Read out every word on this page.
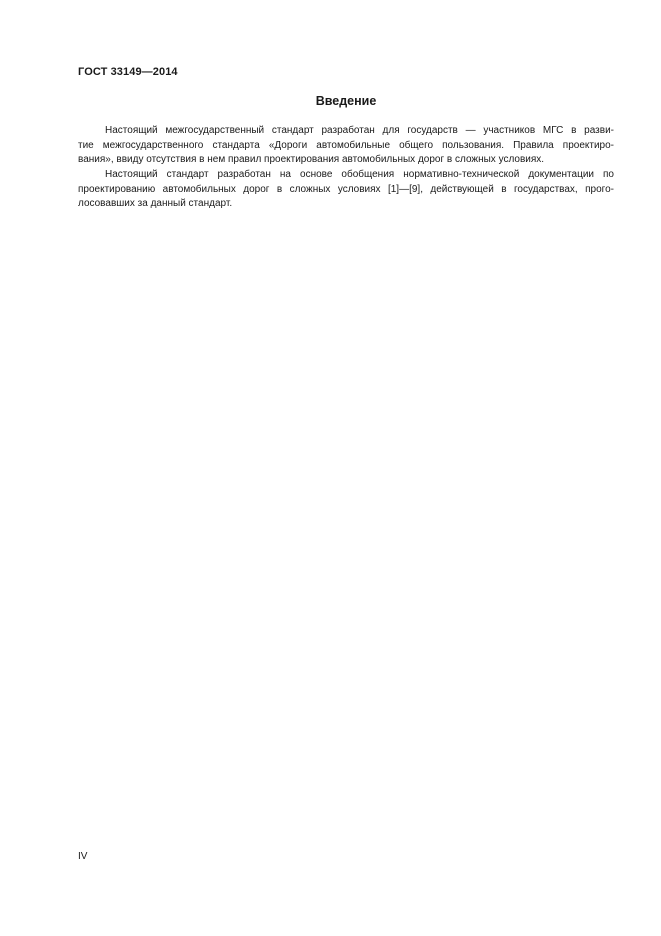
ГОСТ 33149—2014
Введение
Настоящий межгосударственный стандарт разработан для государств — участников МГС в разви-
тие межгосударственного стандарта «Дороги автомобильные общего пользования. Правила проектиро-
вания», ввиду отсутствия в нем правил проектирования автомобильных дорог в сложных условиях.
Настоящий стандарт разработан на основе обобщения нормативно-технической документации по
проектированию автомобильных дорог в сложных условиях [1]—[9], действующей в государствах, прого-
лосовавших за данный стандарт.
IV
